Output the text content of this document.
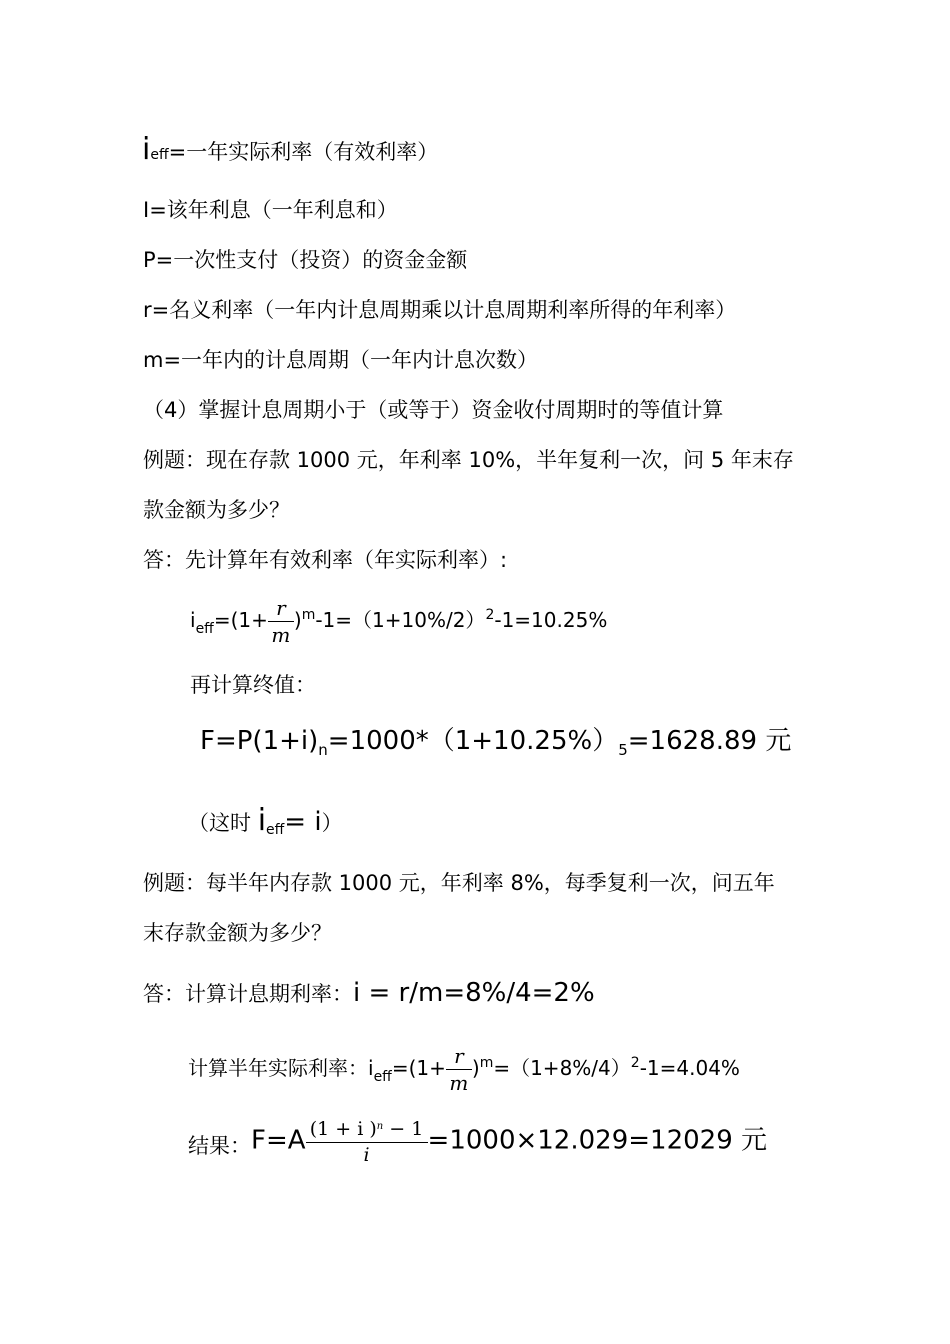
ieff=一年实际利率（有效利率）
I=该年利息（一年利息和）
P=一次性支付（投资）的资金金额
r=名义利率（一年内计息周期乘以计息周期利率所得的年利率）
m=一年内的计息周期（一年内计息次数）
（4）掌握计息周期小于（或等于）资金收付周期时的等值计算
例题：现在存款 1000 元，年利率 10%，半年复利一次，问 5 年末存
款金额为多少？
答：先计算年有效利率（年实际利率）:
$i_{eff}=(1+ \frac{r}{m} )^m-1=(1+10\%/2)^2-1=10.25\%$
再计算终值：
$F=P(1+i)_n=1000*(1+10.25\%)_5=1628.89$ 元
（这时 ieff= i）
例题：每半年内存款 1000 元，年利率 8%，每季复利一次，问五年
末存款金额为多少？
答：计算计息期利率：i = r/m=8%/4=2%
计算半年实际利率：$i_{eff}=(1+ \frac{r}{m} )^m=(1+8\%/4)^2-1=4.04\%$
结果：$F=A \frac{(1 + i )^n - 1}{i} =1000\times 12.029=12029$ 元
